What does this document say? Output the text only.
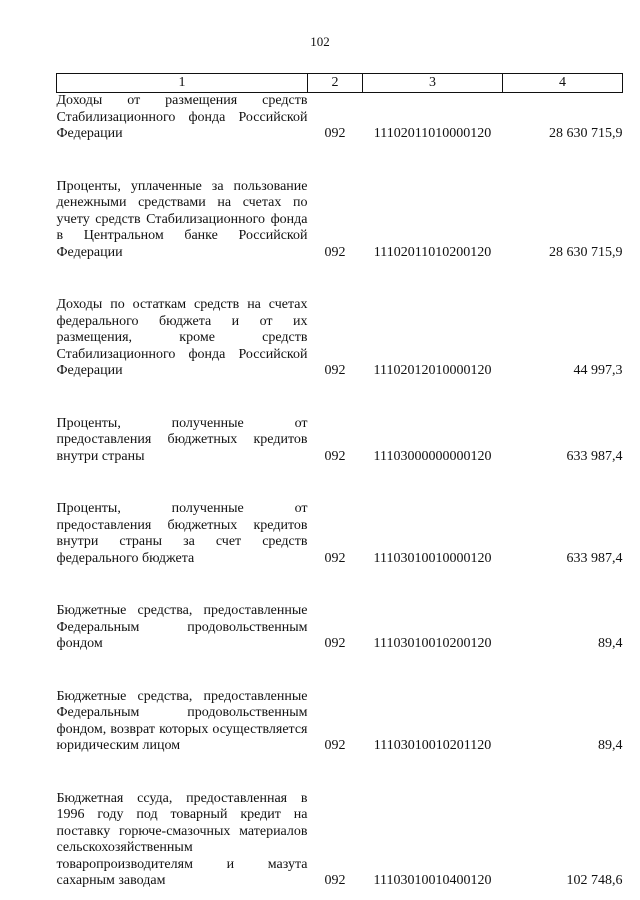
102
1	2	3	4
Доходы от размещения средств Стабилизационного фонда Российской Федерации	092	11102011010000120	28 630 715,9

Проценты, уплаченные за пользование денежными средствами на счетах по учету средств Стабилизационного фонда в Центральном банке Российской Федерации	092	11102011010200120	28 630 715,9

Доходы по остаткам средств на счетах федерального бюджета и от их размещения, кроме средств Стабилизационного фонда Российской Федерации	092	11102012010000120	44 997,3

Проценты, полученные от предоставления бюджетных кредитов внутри страны	092	11103000000000120	633 987,4

Проценты, полученные от предоставления бюджетных кредитов внутри страны за счет средств федерального бюджета	092	11103010010000120	633 987,4

Бюджетные средства, предоставленные Федеральным продовольственным фондом	092	11103010010200120	89,4

Бюджетные средства, предоставленные Федеральным продовольственным фондом, возврат которых осуществляется юридическим лицом	092	11103010010201120	89,4

Бюджетная ссуда, предоставленная в 1996 году под товарный кредит на поставку горюче-смазочных материалов сельскохозяйственным товаропроизводителям и мазута сахарным заводам	092	11103010010400120	102 748,6
